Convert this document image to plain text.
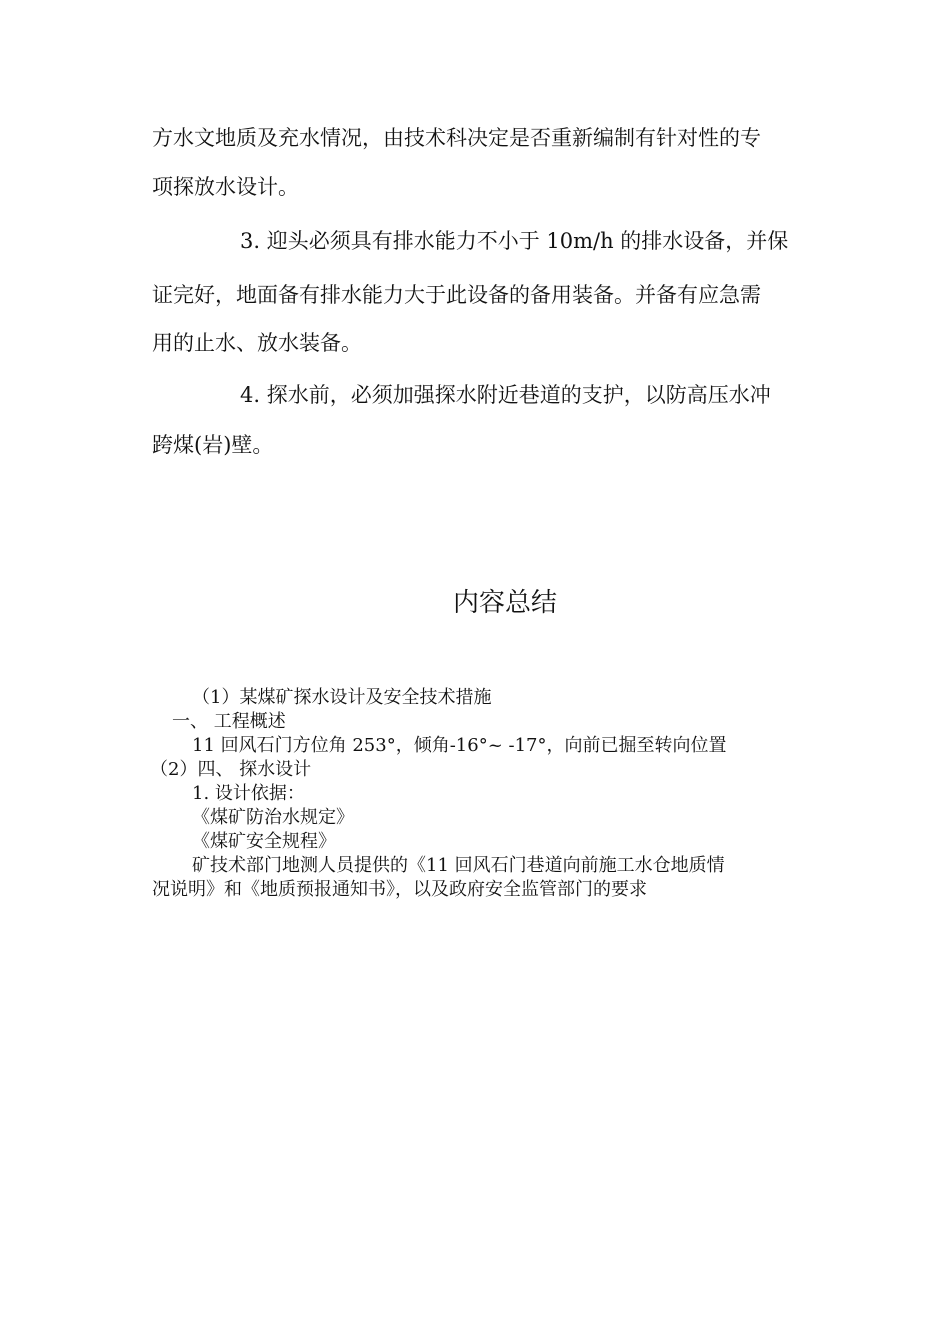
方水文地质及充水情况，由技术科决定是否重新编制有针对性的专
项探放水设计。
3. 迎头必须具有排水能力不小于 10m/h 的排水设备，并保
证完好，地面备有排水能力大于此设备的备用装备。并备有应急需
用的止水、放水装备。
4. 探水前，必须加强探水附近巷道的支护，以防高压水冲
跨煤(岩)壁。
内容总结
（1）某煤矿探水设计及安全技术措施
一、 工程概述
11 回风石门方位角 253°，倾角-16°~ -17°，向前已掘至转向位置
（2）四、 探水设计
1. 设计依据：
《煤矿防治水规定》
《煤矿安全规程》
矿技术部门地测人员提供的《11 回风石门巷道向前施工水仓地质情
况说明》和《地质预报通知书》，以及政府安全监管部门的要求
